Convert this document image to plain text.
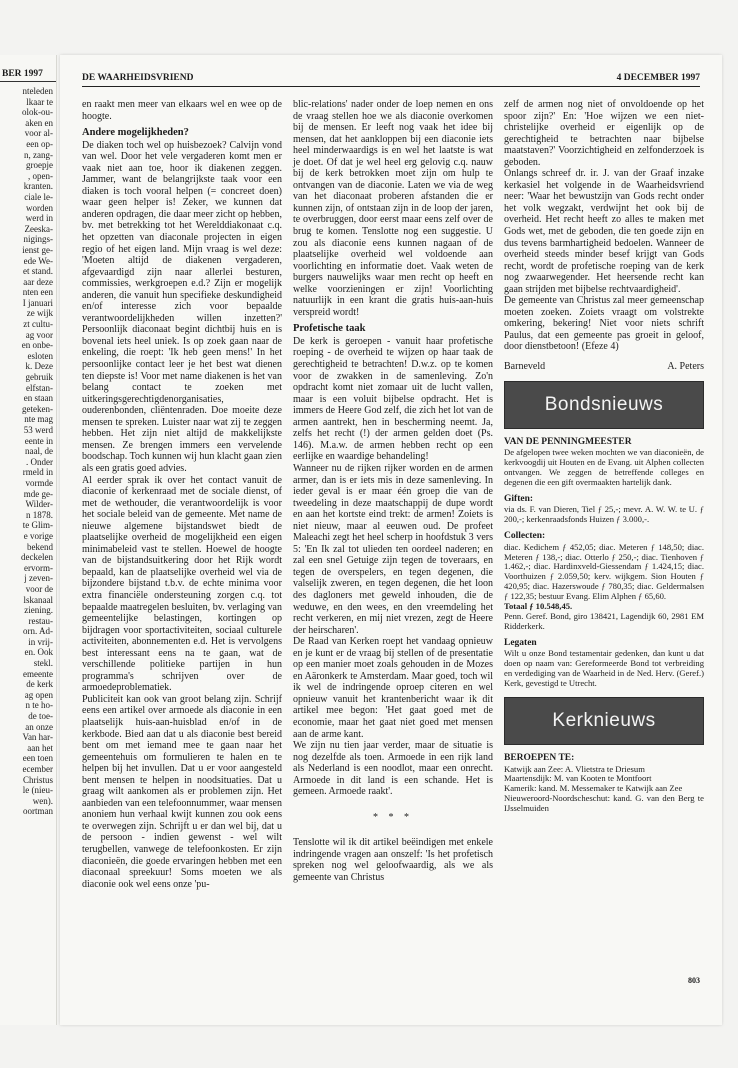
BER 1997
nteleden
lkaar te
olok-ou-
aken en
voor al-
een op-
n, zang-
groepje
, open-
kranten.
ciale le-
worden
werd in
Zeeska-
nigings-
ienst ge-
ede We-
et stand.
aar deze
nten een
I januari
ze wijk
zt cultu-
ag voor
en onbe-
esloten
k. Deze
gebruik
elfstan-
en staan
geteken-
nte mag
53 werd
eente in
naal, de
. Onder
rmeld in
vormde
mde ge-
Wilder-
n 1878.
te Glim-
e vorige
bekend
deckelen
ervorm-
j zeven-
voor de
lskanaal
ziening.
restau-
orn. Ad-
in vrij-
en. Ook
stekl.
emeente
de kerk
ag open
n te ho-
de toe-
an onze
Van har-
aan het
een toen
ecember
Christus
le (nieu-
wen).
oortman
DE WAARHEIDSVRIEND	4 DECEMBER 1997

en raakt men meer van elkaars wel en wee op de hoogte.

Andere mogelijkheden?

De diaken toch wel op huisbezoek? Calvijn vond van wel. Door het vele vergaderen komt men er vaak niet aan toe, hoor ik diakenen zeggen. Jammer, want de belangrijkste taak voor een diaken is toch vooral helpen (= concreet doen) waar geen helper is! Zeker, we kunnen dat anderen opdragen, die daar meer zicht op hebben, bv. met betrekking tot het Werelddiakonaat c.q. het opzetten van diaconale projecten in eigen regio of het eigen land. Mijn vraag is wel deze: 'Moeten altijd de diakenen vergaderen, afgevaardigd zijn naar allerlei besturen, commissies, werkgroepen e.d.? Zijn er mogelijk anderen, die vanuit hun specifieke deskundigheid en/of interesse zich voor bepaalde verantwoordelijkheden willen inzetten?' Persoonlijk diaconaat begint dichtbij huis en is bovenal iets heel uniek. Is op zoek gaan naar de enkeling, die roept: 'Ik heb geen mens!' In het persoonlijke contact leer je het best wat dienen ten diepste is! Voor met name diakenen is het van belang contact te zoeken met uitkeringsgerechtigdenorganisaties, ouderenbonden, cliëntenraden. Doe moeite deze mensen te spreken. Luister naar wat zij te zeggen hebben. Het zijn niet altijd de makkelijkste mensen. Ze brengen immers een vervelende boodschap. Toch kunnen wij hun klacht gaan zien als een gratis goed advies.

Al eerder sprak ik over het contact vanuit de diaconie of kerkenraad met de sociale dienst, of met de wethouder, die verantwoordelijk is voor het sociale beleid van de gemeente. Met name de nieuwe algemene bijstandswet biedt de plaatselijke overheid de mogelijkheid een eigen minimabeleid vast te stellen. Hoewel de hoogte van de bijstandsuitkering door het Rijk wordt bepaald, kan de plaatselijke overheid wel via de bijzondere bijstand t.b.v. de echte minima voor extra financiële ondersteuning zorgen c.q. tot bepaalde maatregelen besluiten, bv. verlaging van gemeentelijke belastingen, kortingen op bijdragen voor sportactiviteiten, sociaal culturele activiteiten, abonnementen e.d. Het is vervolgens best interessant eens na te gaan, wat de verschillende politieke partijen in hun programma's schrijven over de armoedeproblematiek.

Publiciteit kan ook van groot belang zijn. Schrijf eens een artikel over armoede als diaconie in een plaatselijk huis-aan-huisblad en/of in de kerkbode. Bied aan dat u als diaconie best bereid bent om met iemand mee te gaan naar het gemeentehuis om formulieren te halen en te helpen bij het invullen. Dat u er voor aangesteld bent mensen te helpen in noodsituaties. Dat u graag wilt aankomen als er problemen zijn. Het aanbieden van een telefoonnummer, waar mensen anoniem hun verhaal kwijt kunnen zou ook eens te overwegen zijn. Schrijft u er dan wel bij, dat u de persoon - indien gewenst - wel wilt terugbellen, vanwege de telefoonkosten. Er zijn diaconieën, die goede ervaringen hebben met een diaconaal spreekuur! Soms moeten we als diaconie ook wel eens onze 'pu-

blic-relations' nader onder de loep nemen en ons de vraag stellen hoe we als diaconie overkomen bij de mensen. Er leeft nog vaak het idee bij mensen, dat het aankloppen bij een diaconie iets heel minderwaardigs is en wel het laatste is wat je doet. Of dat je wel heel erg gelovig c.q. nauw bij de kerk betrokken moet zijn om hulp te ontvangen van de diaconie. Laten we via de weg van het diaconaat proberen afstanden die er kunnen zijn, of ontstaan zijn in de loop der jaren, te overbruggen, door eerst maar eens zelf over de brug te komen. Tenslotte nog een suggestie. U zou als diaconie eens kunnen nagaan of de plaatselijke overheid wel voldoende aan voorlichting en informatie doet. Vaak weten de burgers nauwelijks waar men recht op heeft en welke voorzieningen er zijn! Voorlichting natuurlijk in een krant die gratis huis-aan-huis verspreid wordt!

Profetische taak

De kerk is geroepen - vanuit haar profetische roeping - de overheid te wijzen op haar taak de gerechtigheid te betrachten! D.w.z. op te komen voor de zwakken in de samenleving. Zo'n opdracht komt niet zomaar uit de lucht vallen, maar is een voluit bijbelse opdracht. Het is immers de Heere God zelf, die zich het lot van de armen aantrekt, hen in bescherming neemt. Ja, zelfs het recht (!) der armen gelden doet (Ps. 146). M.a.w. de armen hebben recht op een eerlijke en waardige behandeling!

Wanneer nu de rijken rijker worden en de armen armer, dan is er iets mis in deze samenleving. In ieder geval is er maar één groep die van de tweedeling in deze maatschappij de dupe wordt en aan het kortste eind trekt: de armen! Zoiets is niet nieuw, maar al eeuwen oud. De profeet Maleachi zegt het heel scherp in hoofdstuk 3 vers 5: 'En Ik zal tot ulieden ten oordeel naderen; en zal een snel Getuige zijn tegen de toveraars, en tegen de overspelers, en tegen degenen, die valselijk zweren, en tegen degenen, die het loon des dagloners met geweld inhouden, die de weduwe, en den wees, en den vreemdeling het recht verkeren, en mij niet vrezen, zegt de Heere der heirscharen'.

De Raad van Kerken roept het vandaag opnieuw en je kunt er de vraag bij stellen of de presentatie op een manier moet zoals gehouden in de Mozes en Aäronkerk te Amsterdam. Maar goed, toch wil ik wel de indringende oproep citeren en wel opnieuw vanuit het krantenbericht waar ik dit artikel mee begon: 'Het gaat goed met de economie, maar het gaat niet goed met mensen aan de arme kant.

We zijn nu tien jaar verder, maar de situatie is nog dezelfde als toen. Armoede in een rijk land als Nederland is een noodlot, maar een onrecht. Armoede in dit land is een schande. Het is gemeen. Armoede raakt'.

* * *

Tenslotte wil ik dit artikel beëindigen met enkele indringende vragen aan onszelf: 'Is het profetisch spreken nog wel geloofwaardig, als we als gemeente van Christus

zelf de armen nog niet of onvoldoende op het spoor zijn?' En: 'Hoe wijzen we een niet-christelijke overheid er eigenlijk op de gerechtigheid te betrachten naar bijbelse maatstaven?' Voorzichtigheid en zelfonderzoek is geboden.

Onlangs schreef dr. ir. J. van der Graaf inzake kerkasiel het volgende in de Waarheidsvriend neer: 'Waar het bewustzijn van Gods recht onder het volk wegzakt, verdwijnt het ook bij de overheid. Het recht heeft zo alles te maken met Gods wet, met de geboden, die ten goede zijn en dus tevens barmhartigheid bedoelen. Wanneer de overheid steeds minder besef krijgt van Gods recht, wordt de profetische roeping van de kerk nog zwaarwegender. Het heersende recht kan gaan strijden met bijbelse rechtvaardigheid'.

De gemeente van Christus zal meer gemeenschap moeten zoeken. Zoiets vraagt om volstrekte omkering, bekering! Niet voor niets schrift Paulus, dat een gemeente pas groeit in geloof, door dienstbetoon! (Efeze 4)

Barneveld	A. Peters
Bondsnieuws
VAN DE PENNINGMEESTER

De afgelopen twee weken mochten we van diaconieën, de kerkvoogdij uit Houten en de Evang. uit Alphen collecten ontvangen. We zeggen de betreffende colleges en degenen die een gift overmaakten hartelijk dank.

Giften:

via ds. F. van Dieren, Tiel ƒ 25,-; mevr. A. W. W. te U. ƒ 200,-; kerkenraadsfonds Huizen ƒ 3.000,-.

Collecten:

diac. Kedichem ƒ 452,05; diac. Meteren ƒ 148,50; diac. Meteren ƒ 138,-; diac. Otterlo ƒ 250,-; diac. Tienhoven ƒ 1.462,-; diac. Hardinxveld-Giessendam ƒ 1.424,15; diac. Voorthuizen ƒ 2.059,50; kerv. wijkgem. Sion Houten ƒ 420,95; diac. Hazerswoude ƒ 780,35; diac. Geldermalsen ƒ 122,35; bestuur Evang. Elim Alphen ƒ 65,60.

Totaal ƒ 10.548,45.

Penn. Geref. Bond, giro 138421, Lagendijk 60, 2981 EM Ridderkerk.

Legaten

Wilt u onze Bond testamentair gedenken, dan kunt u dat doen op naam van: Gereformeerde Bond tot verbreiding en verdediging van de Waarheid in de Ned. Herv. (Geref.) Kerk, gevestigd te Utrecht.

Kerknieuws
BEROEPEN TE:

Katwijk aan Zee: A. Vlietstra te Driesum

Maartensdijk: M. van Kooten te Montfoort

Kamerik: kand. M. Messemaker te Katwijk aan Zee

Nieuweroord-Noordscheschut: kand. G. van den Berg te IJsselmuiden

803
